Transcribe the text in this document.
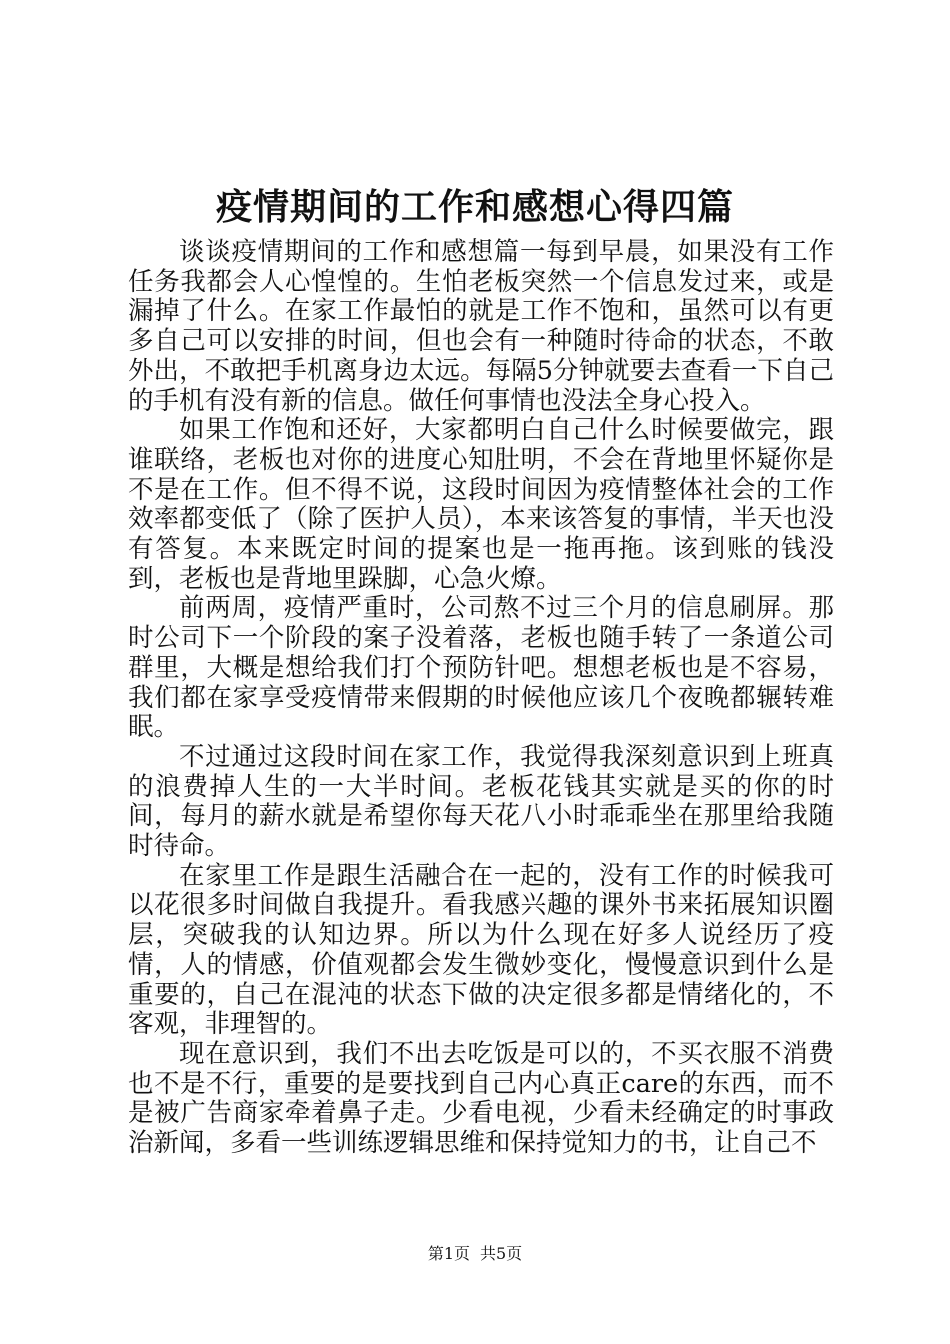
疫情期间的工作和感想心得四篇

谈谈疫情期间的工作和感想篇一每到早晨，如果没有工作任务我都会人心惶惶的。生怕老板突然一个信息发过来，或是漏掉了什么。在家工作最怕的就是工作不饱和，虽然可以有更多自己可以安排的时间，但也会有一种随时待命的状态，不敢外出，不敢把手机离身边太远。每隔5分钟就要去查看一下自己的手机有没有新的信息。做任何事情也没法全身心投入。

如果工作饱和还好，大家都明白自己什么时候要做完，跟谁联络，老板也对你的进度心知肚明，不会在背地里怀疑你是不是在工作。但不得不说，这段时间因为疫情整体社会的工作效率都变低了（除了医护人员），本来该答复的事情，半天也没有答复。本来既定时间的提案也是一拖再拖。该到账的钱没到，老板也是背地里跺脚，心急火燎。

前两周，疫情严重时，公司熬不过三个月的信息刷屏。那时公司下一个阶段的案子没着落，老板也随手转了一条道公司群里，大概是想给我们打个预防针吧。想想老板也是不容易，我们都在家享受疫情带来假期的时候他应该几个夜晚都辗转难眠。

不过通过这段时间在家工作，我觉得我深刻意识到上班真的浪费掉人生的一大半时间。老板花钱其实就是买的你的时间，每月的薪水就是希望你每天花八小时乖乖坐在那里给我随时待命。

在家里工作是跟生活融合在一起的，没有工作的时候我可以花很多时间做自我提升。看我感兴趣的课外书来拓展知识圈层，突破我的认知边界。所以为什么现在好多人说经历了疫情，人的情感，价值观都会发生微妙变化，慢慢意识到什么是重要的，自己在混沌的状态下做的决定很多都是情绪化的，不客观，非理智的。

现在意识到，我们不出去吃饭是可以的，不买衣服不消费也不是不行，重要的是要找到自己内心真正care的东西，而不是被广告商家牵着鼻子走。少看电视，少看未经确定的时事政治新闻，多看一些训练逻辑思维和保持觉知力的书，让自己不

第1页 共5页
